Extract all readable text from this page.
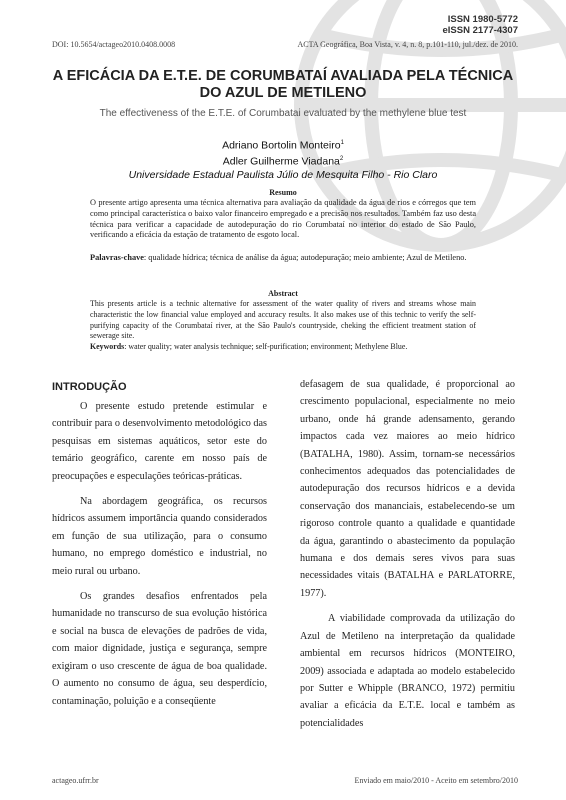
ISSN 1980-5772
eISSN 2177-4307
DOI: 10.5654/actageo2010.0408.0008	ACTA Geográfica, Boa Vista, v. 4, n. 8, p.101-110, jul./dez. de 2010.
A EFICÁCIA DA E.T.E. DE CORUMBATAÍ AVALIADA PELA TÉCNICA DO AZUL DE METILENO
The effectiveness of the E.T.E. of Corumbatai evaluated by the methylene blue test
Adriano Bortolin Monteiro$^1$
Adler Guilherme Viadana$^2$
Universidade Estadual Paulista Júlio de Mesquita Filho - Rio Claro
Resumo
O presente artigo apresenta uma técnica alternativa para avaliação da qualidade da água de rios e córregos que tem como principal característica o baixo valor financeiro empregado e a precisão nos resultados. Também faz uso desta técnica para verificar a capacidade de autodepuração do rio Corumbataí no interior do estado de São Paulo, verificando a eficácia da estação de tratamento de esgoto local.
Palavras-chave: qualidade hídrica; técnica de análise da água; autodepuração; meio ambiente; Azul de Metileno.
Abstract
This presents article is a technic alternative for assessment of the water quality of rivers and streams whose main characteristic the low financial value employed and accuracy results. It also makes use of this technic to verify the self-purifying capacity of the Corumbataí river, at the São Paulo's countryside, cheking the efficient treatment station of sewerage site.
Keywords: water quality; water analysis technique; self-purification; environment; Methylene Blue.
INTRODUÇÃO

O presente estudo pretende estimular e contribuir para o desenvolvimento metodológico das pesquisas em sistemas aquáticos, setor este do temário geográfico, carente em nosso país de preocupações e especulações teóricas-práticas.

Na abordagem geográfica, os recursos hídricos assumem importância quando considerados em função de sua utilização, para o consumo humano, no emprego doméstico e industrial, no meio rural ou urbano.

Os grandes desafios enfrentados pela humanidade no transcurso de sua evolução histórica e social na busca de elevações de padrões de vida, com maior dignidade, justiça e segurança, sempre exigiram o uso crescente de água de boa qualidade. O aumento no consumo de água, seu desperdício, contaminação, poluição e a conseqüente

defasagem de sua qualidade, é proporcional ao crescimento populacional, especialmente no meio urbano, onde há grande adensamento, gerando impactos cada vez maiores ao meio hídrico (BATALHA, 1980). Assim, tornam-se necessários conhecimentos adequados das potencialidades de autodepuração dos recursos hídricos e a devida conservação dos mananciais, estabelecendo-se um rigoroso controle quanto a qualidade e quantidade da água, garantindo o abastecimento da população humana e dos demais seres vivos para suas necessidades vitais (BATALHA e PARLATORRE, 1977).

A viabilidade comprovada da utilização do Azul de Metileno na interpretação da qualidade ambiental em recursos hídricos (MONTEIRO, 2009) associada e adaptada ao modelo estabelecido por Sutter e Whipple (BRANCO, 1972) permitiu avaliar a eficácia da E.T.E. local e também as potencialidades

actageo.ufrr.br	Enviado em maio/2010 - Aceito em setembro/2010
